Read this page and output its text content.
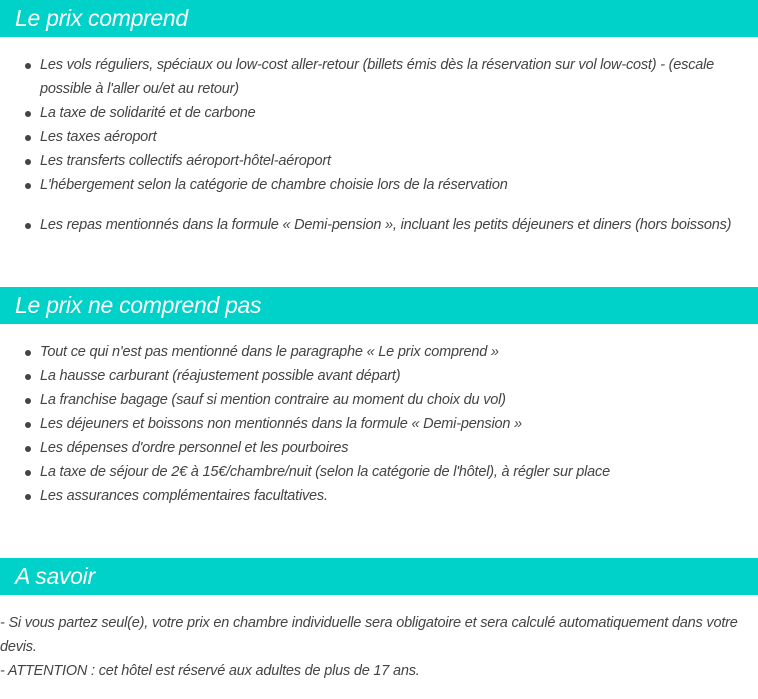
Le prix comprend
Les vols réguliers, spéciaux ou low-cost aller-retour (billets émis dès la réservation sur vol low-cost) - (escale possible à l'aller ou/et au retour)
La taxe de solidarité et de carbone
Les taxes aéroport
Les transferts collectifs aéroport-hôtel-aéroport
L'hébergement selon la catégorie de chambre choisie lors de la réservation
Les repas mentionnés dans la formule « Demi-pension », incluant les petits déjeuners et diners (hors boissons)
Le prix ne comprend pas
Tout ce qui n'est pas mentionné dans le paragraphe « Le prix comprend »
La hausse carburant (réajustement possible avant départ)
La franchise bagage (sauf si mention contraire au moment du choix du vol)
Les déjeuners et boissons non mentionnés dans la formule « Demi-pension »
Les dépenses d'ordre personnel et les pourboires
La taxe de séjour de 2€ à 15€/chambre/nuit (selon la catégorie de l'hôtel), à régler sur place
Les assurances complémentaires facultatives.
A savoir

- Si vous partez seul(e), votre prix en chambre individuelle sera obligatoire et sera calculé automatiquement dans votre devis.

- ATTENTION : cet hôtel est réservé aux adultes de plus de 17 ans.
